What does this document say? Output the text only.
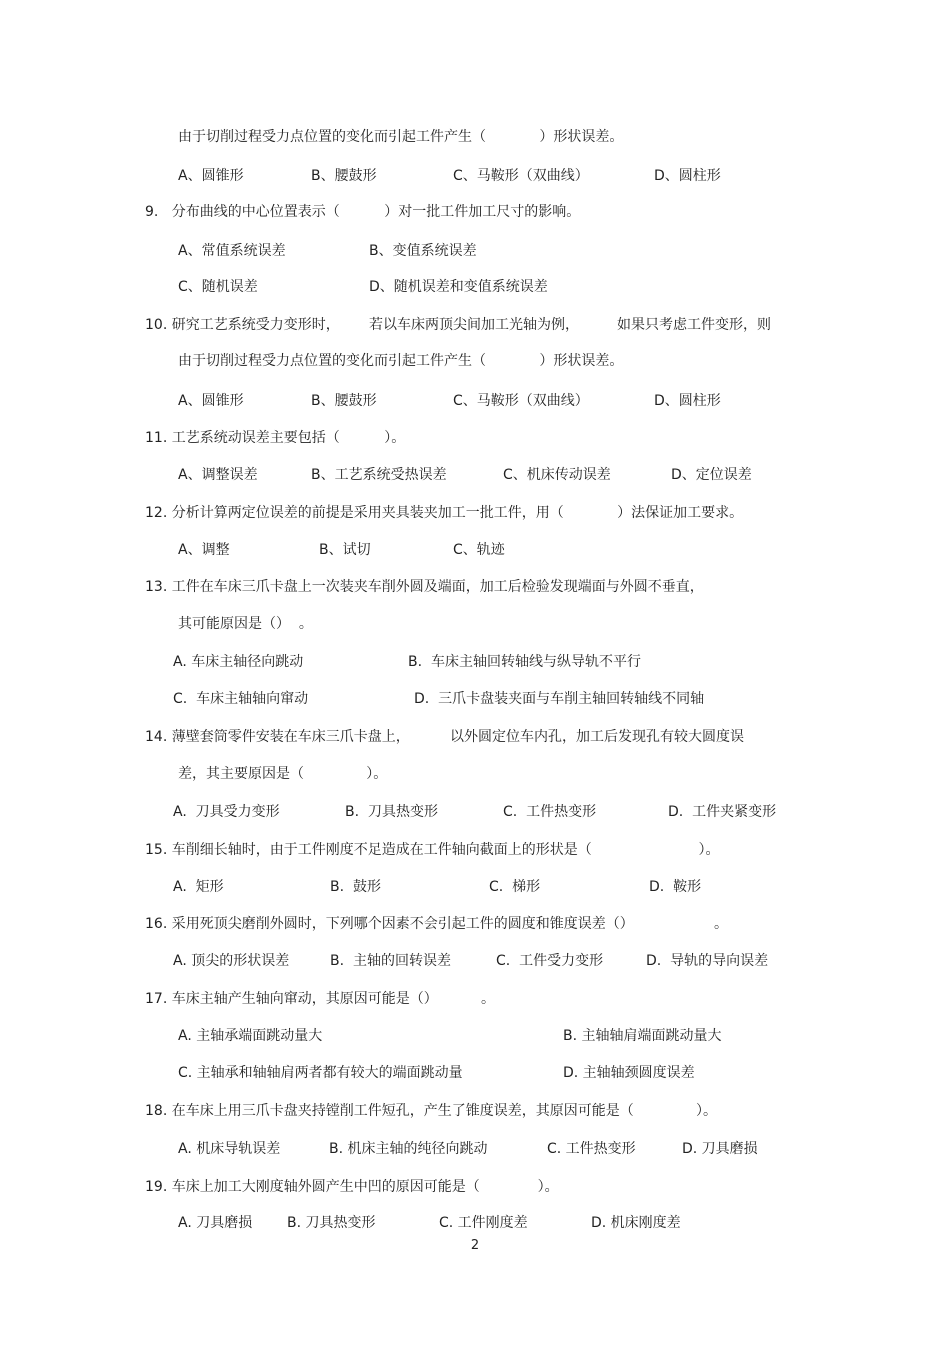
由于切削过程受力点位置的变化而引起工件产生（            ）形状误差。
A、圆锥形	B、腰鼓形	C、马鞍形（双曲线）	D、圆柱形
9.   分布曲线的中心位置表示（          ）对一批工件加工尺寸的影响。
A、常值系统误差	B、变值系统误差
C、随机误差	D、随机误差和变值系统误差
10. 研究工艺系统受力变形时， 若以车床两顶尖间加工光轴为例，	如果只考虑工件变形，则
由于切削过程受力点位置的变化而引起工件产生（            ）形状误差。
A、圆锥形	B、腰鼓形	C、马鞍形（双曲线）	D、圆柱形
11. 工艺系统动误差主要包括（          ）。
A、调整误差	B、工艺系统受热误差	C、机床传动误差	D、定位误差
12. 分析计算两定位误差的前提是采用夹具装夹加工一批工件，用（            ）法保证加工要求。
A、调整	B、试切	C、轨迹
13. 工件在车床三爪卡盘上一次装夹车削外圆及端面，加工后检验发现端面与外圆不垂直，
其可能原因是（）  。
A. 车床主轴径向跳动	B.  车床主轴回转轴线与纵导轨不平行
C.  车床主轴轴向窜动	D.  三爪卡盘装夹面与车削主轴回转轴线不同轴
14. 薄壁套筒零件安装在车床三爪卡盘上，	以外圆定位车内孔，加工后发现孔有较大圆度误
差，其主要原因是（              ）。
A.  刀具受力变形	B.  刀具热变形	C.  工件热变形	D.  工件夹紧变形
15. 车削细长轴时，由于工件刚度不足造成在工件轴向截面上的形状是（                        ）。
A.  矩形	B.  鼓形	C.  梯形	D.  鞍形
16. 采用死顶尖磨削外圆时，下列哪个因素不会引起工件的圆度和锥度误差（）	。
A. 顶尖的形状误差	B.  主轴的回转误差	C.  工件受力变形	D.  导轨的导向误差
17. 车床主轴产生轴向窜动，其原因可能是（）	。
A. 主轴承端面跳动量大	B. 主轴轴肩端面跳动量大
C. 主轴承和轴轴肩两者都有较大的端面跳动量	D. 主轴轴颈圆度误差
18. 在车床上用三爪卡盘夹持镗削工件短孔，产生了锥度误差，其原因可能是（              ）。
A. 机床导轨误差	B. 机床主轴的纯径向跳动	C. 工件热变形	D. 刀具磨损
19. 车床上加工大刚度轴外圆产生中凹的原因可能是（             ）。
A. 刀具磨损 B. 刀具热变形	C. 工件刚度差	D. 机床刚度差
2
